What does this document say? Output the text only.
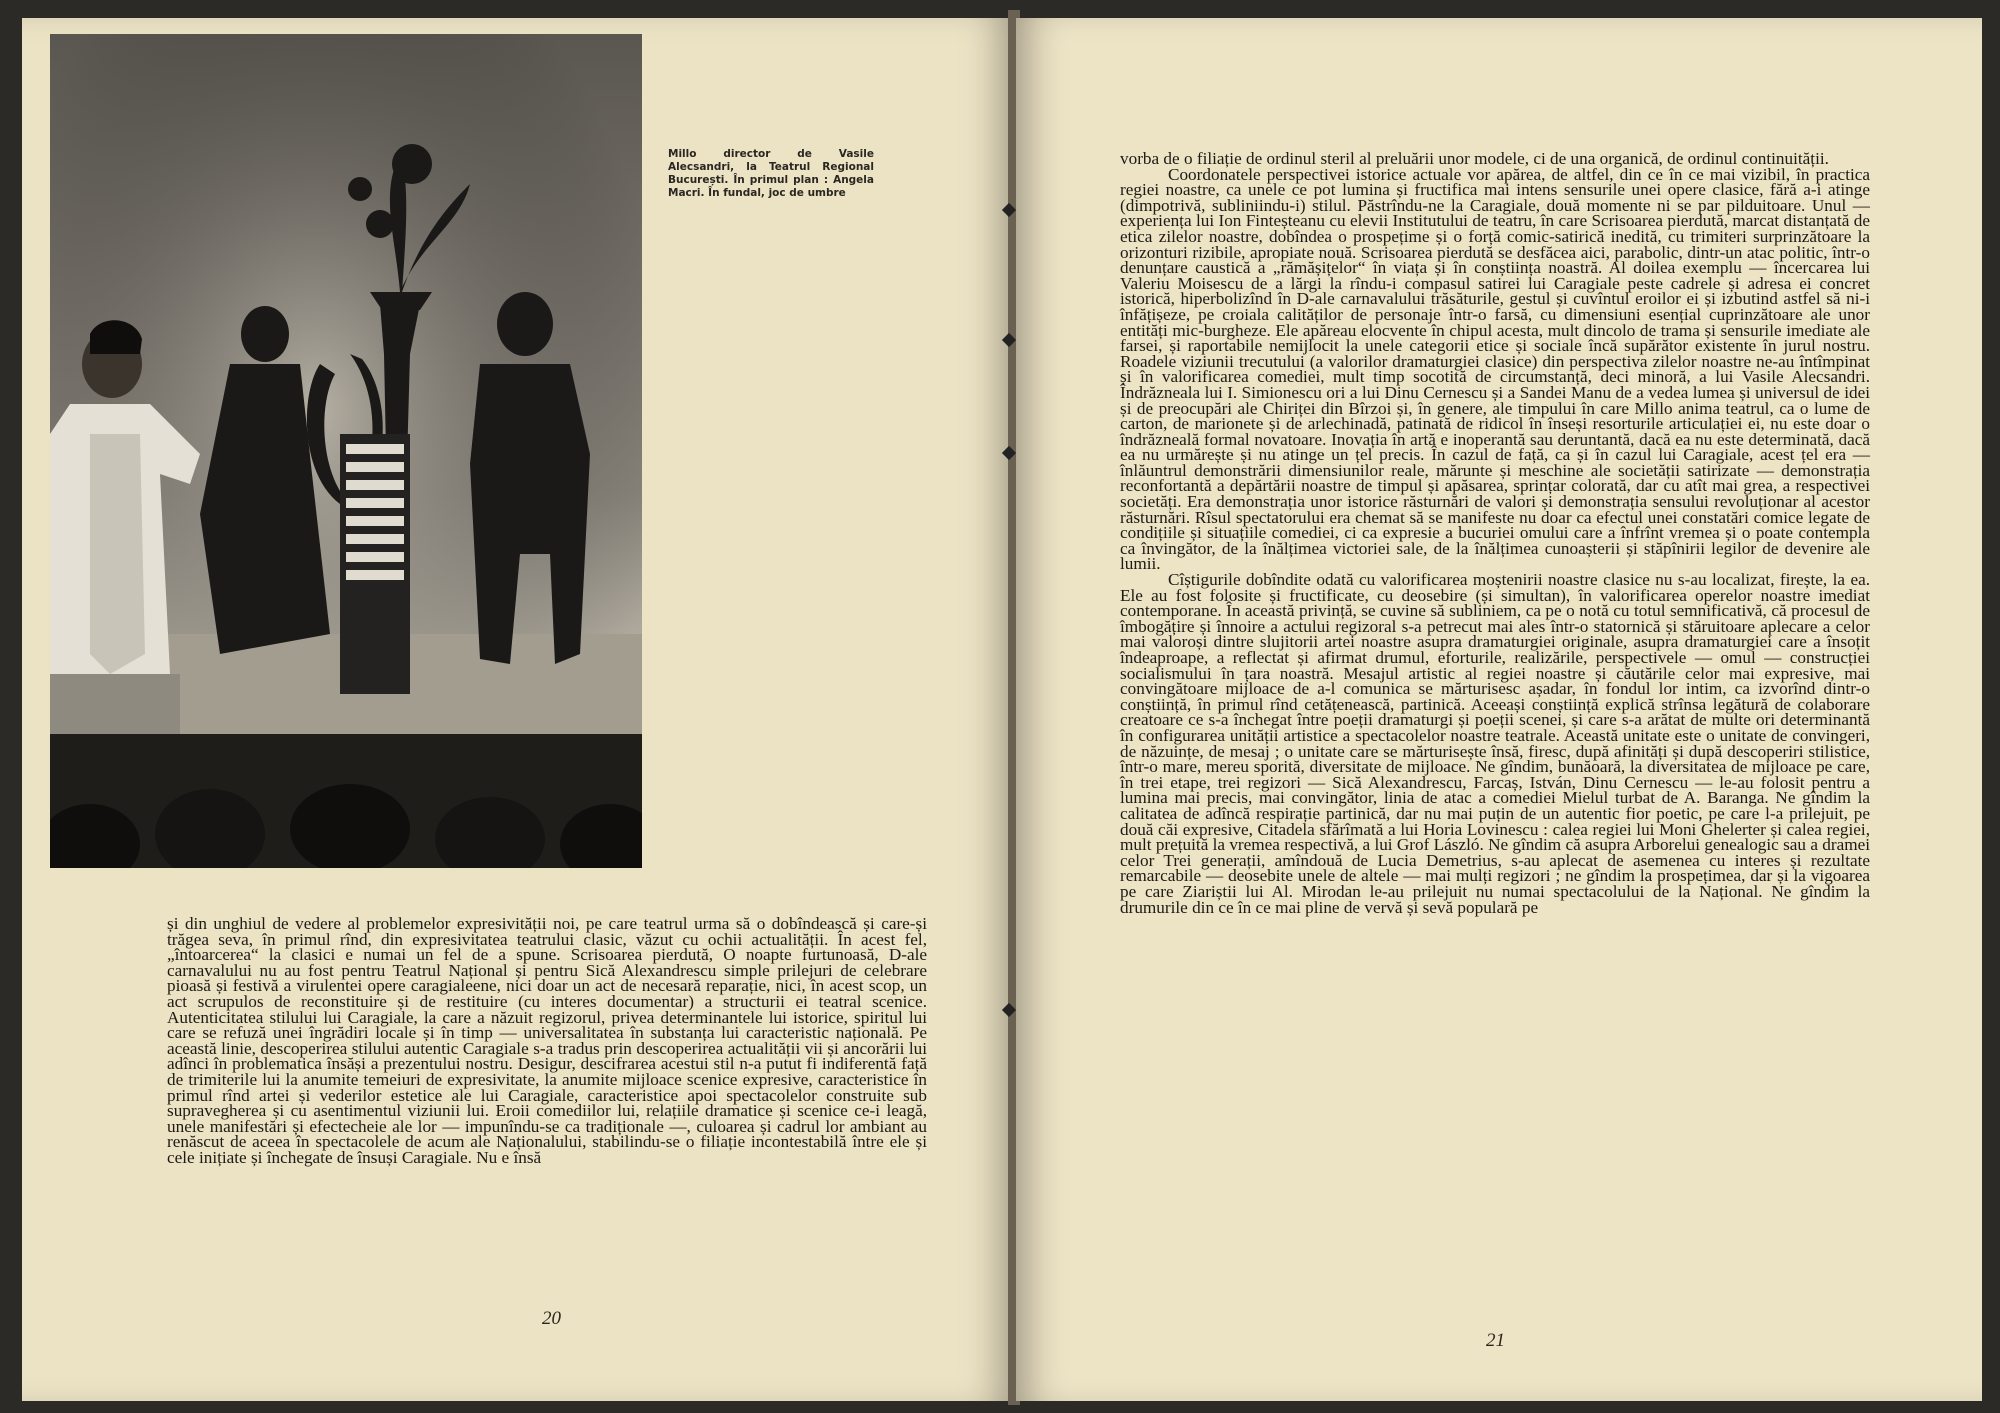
Millo director de Vasile Alecsandri, la Teatrul Regional București. În primul plan : Angela Macri. În fundal, joc de umbre

și din unghiul de vedere al problemelor expresivității noi, pe care teatrul urma să o dobîndească și care-și trăgea seva, în primul rînd, din expresivitatea teatrului clasic, văzut cu ochii actualității. În acest fel, „întoarcerea“ la clasici e numai un fel de a spune. Scrisoarea pierdută, O noapte furtunoasă, D-ale carnavalului nu au fost pentru Teatrul Național și pentru Sică Alexandrescu simple prilejuri de celebrare pioasă și festivă a virulentei opere caragialeene, nici doar un act de necesară reparație, nici, în acest scop, un act scrupulos de reconstituire și de restituire (cu interes documentar) a structurii ei teatral scenice. Autenticitatea stilului lui Caragiale, la care a năzuit regizorul, privea determinantele lui istorice, spiritul lui care se refuză unei îngrădiri locale și în timp — universalitatea în substanța lui caracteristic națională. Pe această linie, descoperirea stilului autentic Caragiale s-a tradus prin descoperirea actualității vii și ancorării lui adînci în problematica însăși a prezentului nostru. Desigur, descifrarea acestui stil n-a putut fi indiferentă față de trimiterile lui la anumite temeiuri de expresivitate, la anumite mijloace scenice expresive, caracteristice în primul rînd artei și vederilor estetice ale lui Caragiale, caracteristice apoi spectacolelor construite sub supravegherea și cu asentimentul viziunii lui. Eroii comediilor lui, relațiile dramatice și scenice ce-i leagă, unele manifestări și efectecheie ale lor — impunîndu-se ca tradiționale —, culoarea și cadrul lor ambiant au renăscut de aceea în spectacolele de acum ale Naționalului, stabilindu-se o filiație incontestabilă între ele și cele inițiate și închegate de însuși Caragiale. Nu e însă

20

vorba de o filiație de ordinul steril al preluării unor modele, ci de una organică, de ordinul continuității.

Coordonatele perspectivei istorice actuale vor apărea, de altfel, din ce în ce mai vizibil, în practica regiei noastre, ca unele ce pot lumina și fructifica mai intens sensurile unei opere clasice, fără a-i atinge (dimpotrivă, subliniindu-i) stilul. Păstrîndu-ne la Caragiale, două momente ni se par pilduitoare. Unul — experiența lui Ion Finteșteanu cu elevii Institutului de teatru, în care Scrisoarea pierdută, marcat distanțată de etica zilelor noastre, dobîndea o prospețime și o forță comic-satirică inedită, cu trimiteri surprinzătoare la orizonturi rizibile, apropiate nouă. Scrisoarea pierdută se desfăcea aici, parabolic, dintr-un atac politic, într-o denunțare caustică a „rămășițelor“ în viața și în conștiința noastră. Al doilea exemplu — încercarea lui Valeriu Moisescu de a lărgi la rîndu-i compasul satirei lui Caragiale peste cadrele și adresa ei concret istorică, hiperbolizînd în D-ale carnavalului trăsăturile, gestul și cuvîntul eroilor ei și izbutind astfel să ni-i înfățișeze, pe croiala calităților de personaje într-o farsă, cu dimensiuni esențial cuprinzătoare ale unor entități mic-burgheze. Ele apăreau elocvente în chipul acesta, mult dincolo de trama și sensurile imediate ale farsei, și raportabile nemijlocit la unele categorii etice și sociale încă supărător existente în jurul nostru. Roadele viziunii trecutului (a valorilor dramaturgiei clasice) din perspectiva zilelor noastre ne-au întîmpinat și în valorificarea comediei, mult timp socotită de circumstanță, deci minoră, a lui Vasile Alecsandri. Îndrăzneala lui I. Simionescu ori a lui Dinu Cernescu și a Sandei Manu de a vedea lumea și universul de idei și de preocupări ale Chiriței din Bîrzoi și, în genere, ale timpului în care Millo anima teatrul, ca o lume de carton, de marionete și de arlechinadă, patinată de ridicol în înseși resorturile articulației ei, nu este doar o îndrăzneală formal novatoare. Inovația în artă e inoperantă sau deruntantă, dacă ea nu este determinată, dacă ea nu urmărește și nu atinge un țel precis. În cazul de față, ca și în cazul lui Caragiale, acest țel era — înlăuntrul demonstrării dimensiunilor reale, mărunte și meschine ale societății satirizate — demonstrația reconfortantă a depărtării noastre de timpul și apăsarea, sprințar colorată, dar cu atît mai grea, a respectivei societăți. Era demonstrația unor istorice răsturnări de valori și demonstrația sensului revoluționar al acestor răsturnări. Rîsul spectatorului era chemat să se manifeste nu doar ca efectul unei constatări comice legate de condițiile și situațiile comediei, ci ca expresie a bucuriei omului care a înfrînt vremea și o poate contempla ca învingător, de la înălțimea victoriei sale, de la înălțimea cunoașterii și stăpînirii legilor de devenire ale lumii.

Cîștigurile dobîndite odată cu valorificarea moștenirii noastre clasice nu s-au localizat, firește, la ea. Ele au fost folosite și fructificate, cu deosebire (și simultan), în valorificarea operelor noastre imediat contemporane. În această privință, se cuvine să subliniem, ca pe o notă cu totul semnificativă, că procesul de îmbogățire și înnoire a actului regizoral s-a petrecut mai ales într-o statornică și stăruitoare aplecare a celor mai valoroși dintre slujitorii artei noastre asupra dramaturgiei originale, asupra dramaturgiei care a însoțit îndeaproape, a reflectat și afirmat drumul, eforturile, realizările, perspectivele — omul — construcției socialismului în țara noastră. Mesajul artistic al regiei noastre și căutările celor mai expresive, mai convingătoare mijloace de a-l comunica se mărturisesc așadar, în fondul lor intim, ca izvorînd dintr-o conștiință, în primul rînd cetățenească, partinică. Aceeași conștiință explică strînsa legătură de colaborare creatoare ce s-a închegat între poeții dramaturgi și poeții scenei, și care s-a arătat de multe ori determinantă în configurarea unității artistice a spectacolelor noastre teatrale. Această unitate este o unitate de convingeri, de năzuințe, de mesaj ; o unitate care se mărturisește însă, firesc, după afinități și după descoperiri stilistice, într-o mare, mereu sporită, diversitate de mijloace. Ne gîndim, bunăoară, la diversitatea de mijloace pe care, în trei etape, trei regizori — Sică Alexandrescu, Farcaș, István, Dinu Cernescu — le-au folosit pentru a lumina mai precis, mai convingător, linia de atac a comediei Mielul turbat de A. Baranga. Ne gîndim la calitatea de adîncă respirație partinică, dar nu mai puțin de un autentic fior poetic, pe care l-a prilejuit, pe două căi expresive, Citadela sfărîmată a lui Horia Lovinescu : calea regiei lui Moni Ghelerter și calea regiei, mult prețuită la vremea respectivă, a lui Grof László. Ne gîndim că asupra Arborelui genealogic sau a dramei celor Trei generații, amîndouă de Lucia Demetrius, s-au aplecat de asemenea cu interes și rezultate remarcabile — deosebite unele de altele — mai mulți regizori ; ne gîndim la prospețimea, dar și la vigoarea pe care Ziariștii lui Al. Mirodan le-au prilejuit nu numai spectacolului de la Național. Ne gîndim la drumurile din ce în ce mai pline de vervă și sevă populară pe

21
